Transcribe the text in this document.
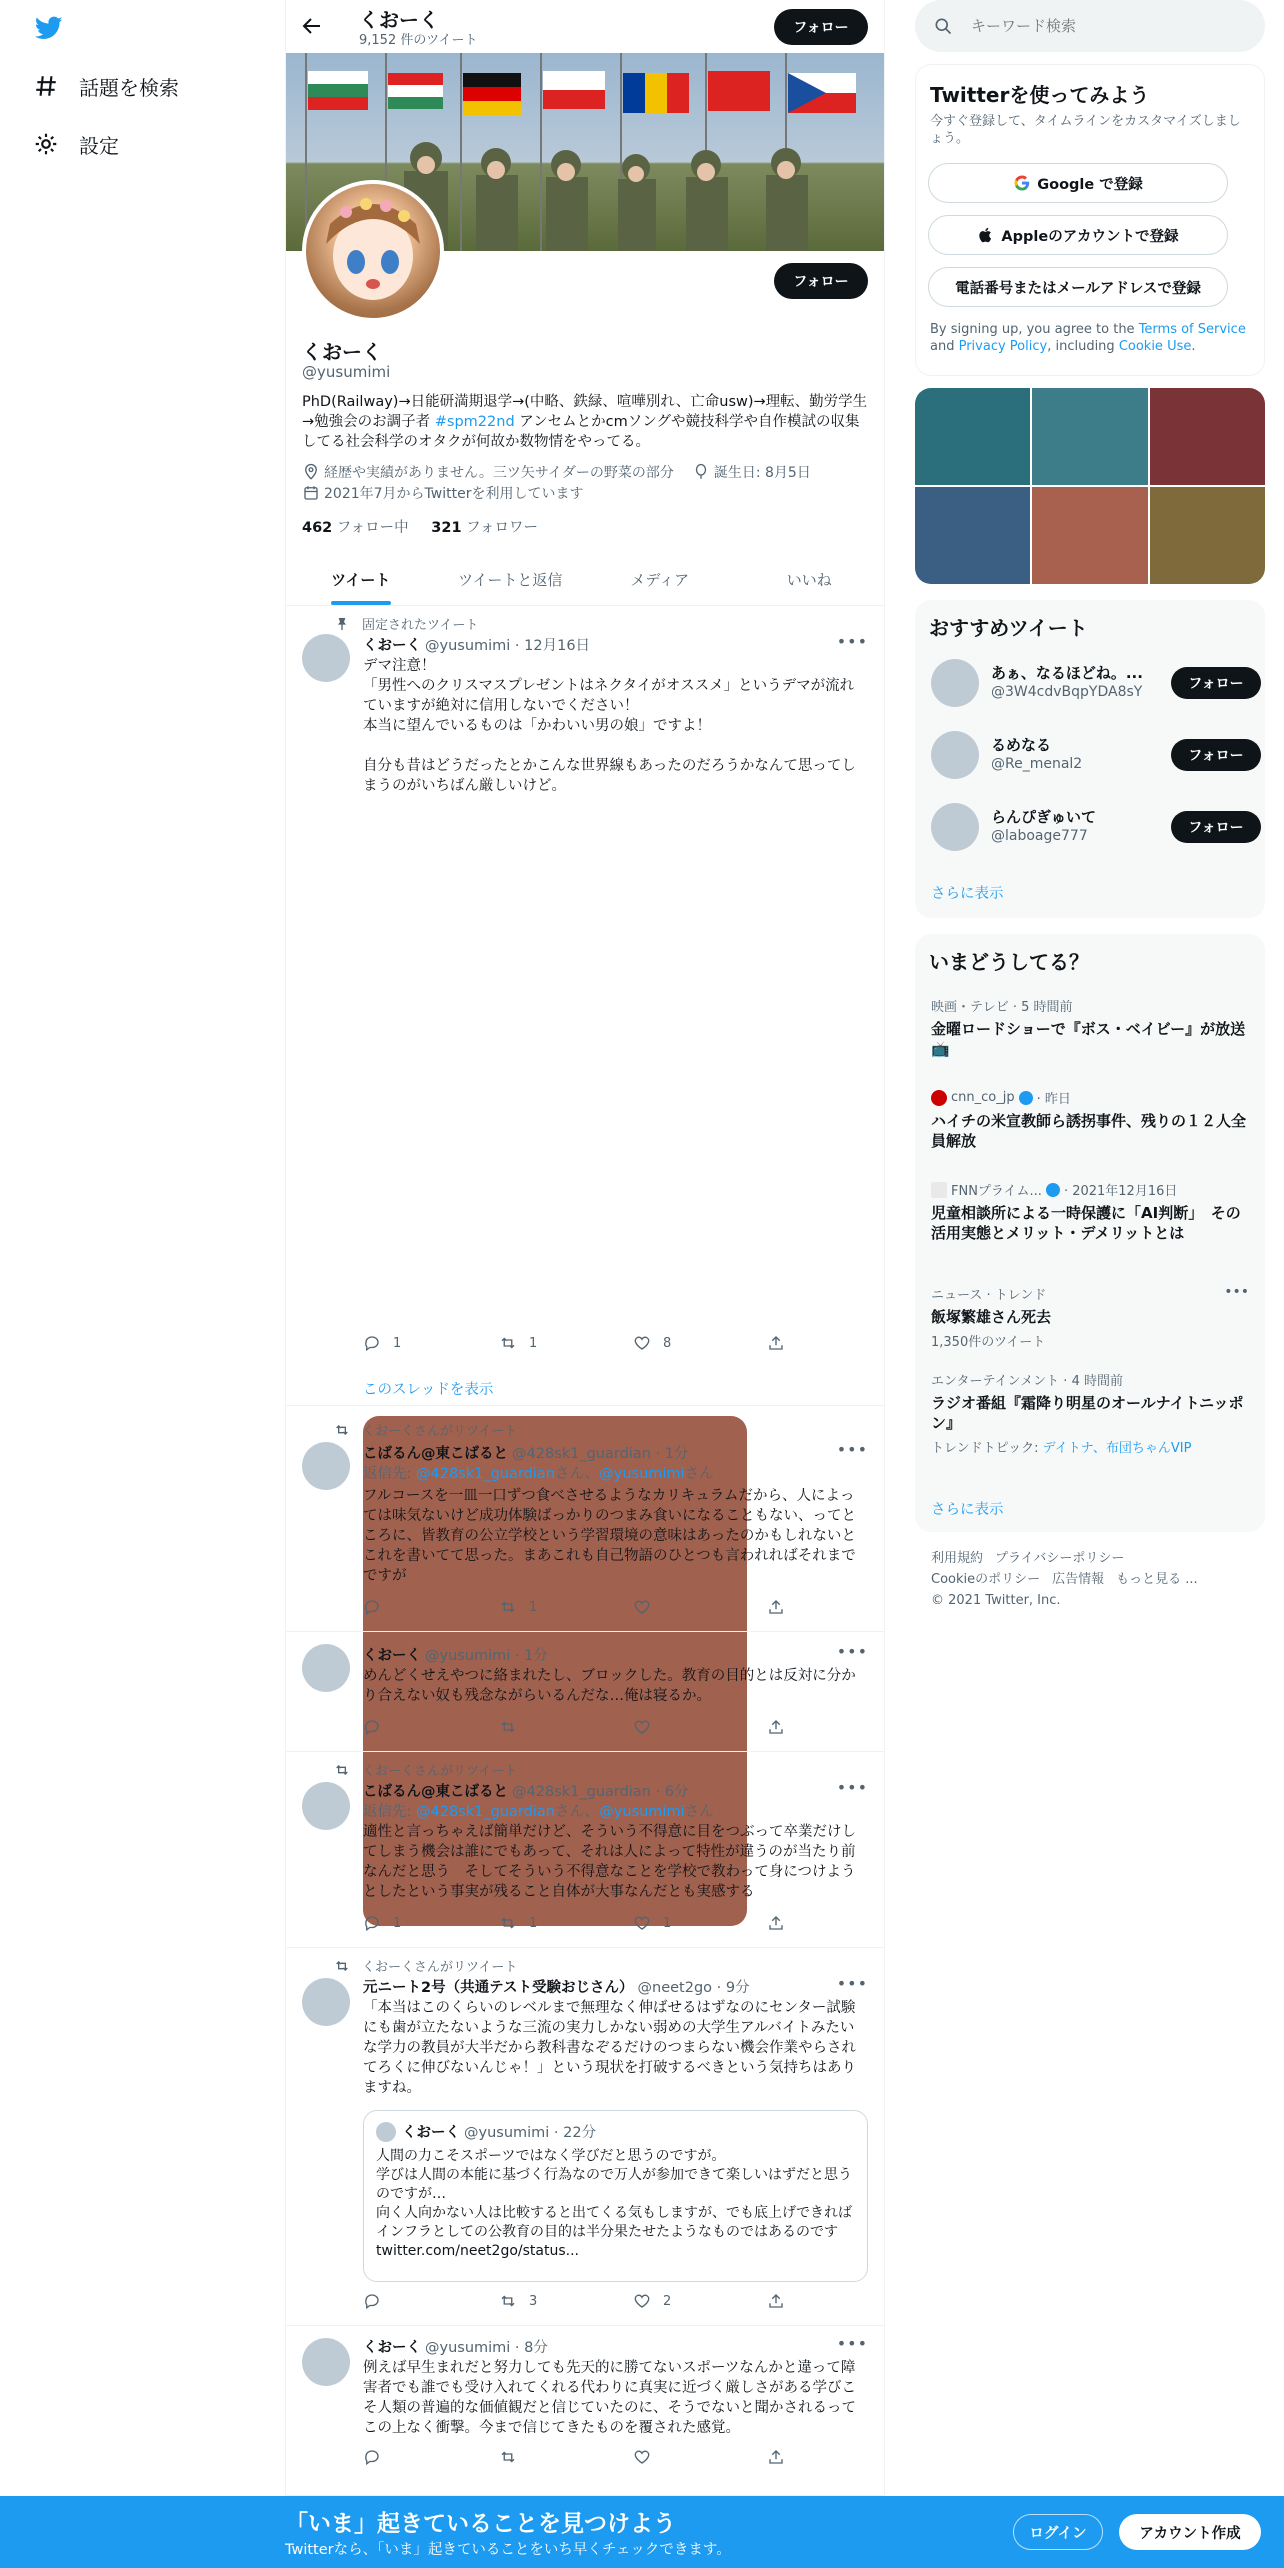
話題を検索
設定
くおーく
9,152 件のツイート
フォロー
フォロー
くおーく
@yusumimi
PhD(Railway)→日能研満期退学→(中略、鉄緑、喧嘩別れ、亡命usw)→理転、勤労学生→勉強会のお調子者 #spm22nd アンセムとかcmソングや競技科学や自作模試の収集してる社会科学のオタクが何故か数物情をやってる。
経歴や実績がありません。三ツ矢サイダーの野菜の部分	誕生日: 8月5日
2021年7月からTwitterを利用しています
462 フォロー中 321 フォロワー
ツイート	ツイートと返信	メディア	いいね
固定されたツイート
くおーく @yusumimi · 12月16日	•••
デマ注意！
「男性へのクリスマスプレゼントはネクタイがオススメ」というデマが流れていますが絶対に信用しないでください！
本当に望んでいるものは「かわいい男の娘」ですよ！

自分も昔はどうだったとかこんな世界線もあったのだろうかなんて思ってしまうのがいちばん厳しいけど。
1	1	8
このスレッドを表示
くおーくさんがリツイート
こばるん@東こばると @428sk1_guardian · 1分	•••
返信先: @428sk1_guardianさん、@yusumimiさん
フルコースを一皿一口ずつ食べさせるようなカリキュラムだから、人によっては味気ないけど成功体験ばっかりのつまみ食いになることもない、ってところに、皆教育の公立学校という学習環境の意味はあったのかもしれないとこれを書いてて思った。まあこれも自己物語のひとつも言われればそれまでですが
1
くおーく @yusumimi · 1分	•••
めんどくせえやつに絡まれたし、ブロックした。教育の目的とは反対に分かり合えない奴も残念ながらいるんだな…俺は寝るか。
くおーくさんがリツイート
こばるん@東こばると @428sk1_guardian · 6分	•••
返信先: @428sk1_guardianさん、@yusumimiさん
適性と言っちゃえば簡単だけど、そういう不得意に目をつぶって卒業だけしてしまう機会は誰にでもあって、それは人によって特性が違うのが当たり前なんだと思う　そしてそういう不得意なことを学校で教わって身につけようとしたという事実が残ること自体が大事なんだとも実感する
1	1	1
くおーくさんがリツイート
元ニート2号（共通テスト受験おじさん） @neet2go · 9分	•••
「本当はこのくらいのレベルまで無理なく伸ばせるはずなのにセンター試験にも歯が立たないような三流の実力しかない弱めの大学生アルバイトみたいな学力の教員が大半だから教科書なぞるだけのつまらない機会作業やらされてろくに伸びないんじゃ！」という現状を打破するべきという気持ちはありますね。
くおーく @yusumimi · 22分
人間の力こそスポーツではなく学びだと思うのですが。
学びは人間の本能に基づく行為なので万人が参加できて楽しいはずだと思うのですが…
向く人向かない人は比較すると出てくる気もしますが、でも底上げできればインフラとしての公教育の目的は半分果たせたようなものではあるのです twitter.com/neet2go/status...
3	2
くおーく @yusumimi · 8分	•••
例えば早生まれだと努力しても先天的に勝てないスポーツなんかと違って障害者でも誰でも受け入れてくれる代わりに真実に近づく厳しさがある学びこそ人類の普遍的な価値観だと信じていたのに、そうでないと聞かされるってこの上なく衝撃。今まで信じてきたものを覆された感覚。
キーワード検索
Twitterを使ってみよう
今すぐ登録して、タイムラインをカスタマイズしましょう。
Google で登録
Appleのアカウントで登録
電話番号またはメールアドレスで登録
By signing up, you agree to the Terms of Service and Privacy Policy, including Cookie Use.
おすすめツイート
あぁ、なるほどね。...
@3W4cdvBqpYDA8sY	フォロー
るめなる
@Re_menal2	フォロー
らんぴぎゅいて
@laboage777	フォロー
さらに表示
いまどうしてる？
映画・テレビ · 5 時間前
金曜ロードショーで『ボス・ベイビー』が放送📺
cnn_co_jp · 昨日
ハイチの米宣教師ら誘拐事件、残りの１２人全員解放
FNNプライム... · 2021年12月16日
児童相談所による一時保護に「AI判断」　その活用実態とメリット・デメリットとは
ニュース · トレンド
飯塚繁雄さん死去
1,350件のツイート
•••
エンターテインメント · 4 時間前
ラジオ番組『霜降り明星のオールナイトニッポン』
トレンドトピック: デイトナ、布団ちゃんVIP
さらに表示
利用規約 プライバシーポリシー
Cookieのポリシー 広告情報 もっと見る ...
© 2021 Twitter, Inc.
「いま」起きていることを見つけよう
Twitterなら、「いま」起きていることをいち早くチェックできます。
ログイン	アカウント作成
